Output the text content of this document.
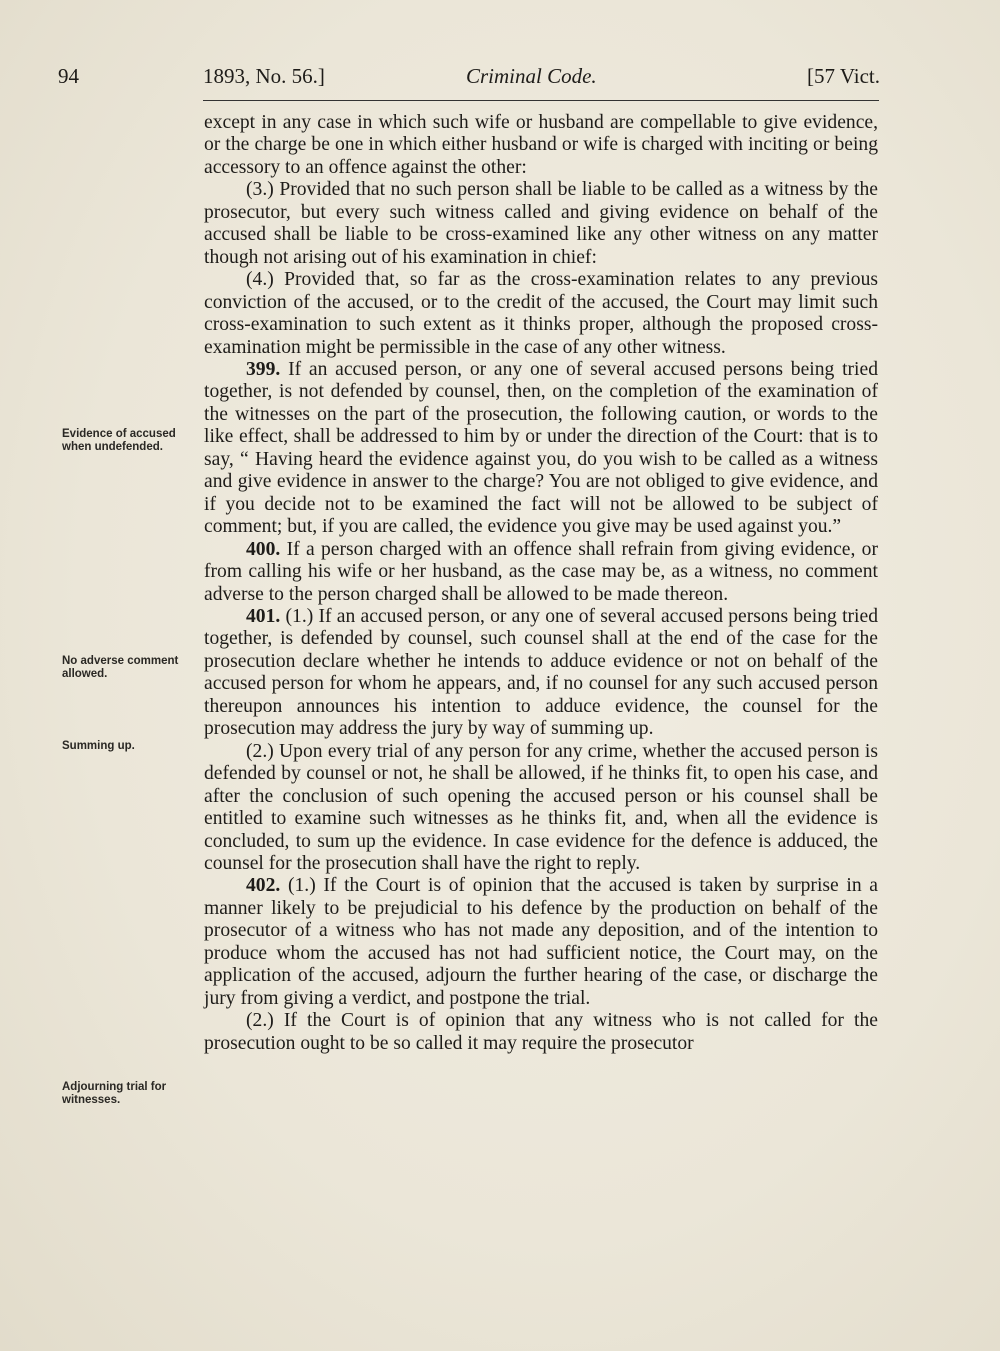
94	1893, No. 56.]	Criminal Code.	[57 Vict.
Evidence of accused when undefended.
No adverse comment allowed.
Summing up.
Adjourning trial for witnesses.

except in any case in which such wife or husband are compellable to give evidence, or the charge be one in which either husband or wife is charged with inciting or being accessory to an offence against the other:

(3.) Provided that no such person shall be liable to be called as a witness by the prosecutor, but every such witness called and giving evidence on behalf of the accused shall be liable to be cross-examined like any other witness on any matter though not arising out of his examination in chief:

(4.) Provided that, so far as the cross-examination relates to any previous conviction of the accused, or to the credit of the accused, the Court may limit such cross-examination to such extent as it thinks proper, although the proposed cross-examination might be permissible in the case of any other witness.

399. If an accused person, or any one of several accused persons being tried together, is not defended by counsel, then, on the completion of the examination of the witnesses on the part of the prosecution, the following caution, or words to the like effect, shall be addressed to him by or under the direction of the Court: that is to say, “ Having heard the evidence against you, do you wish to be called as a witness and give evidence in answer to the charge? You are not obliged to give evidence, and if you decide not to be examined the fact will not be allowed to be subject of comment; but, if you are called, the evidence you give may be used against you.”

400. If a person charged with an offence shall refrain from giving evidence, or from calling his wife or her husband, as the case may be, as a witness, no comment adverse to the person charged shall be allowed to be made thereon.

401. (1.) If an accused person, or any one of several accused persons being tried together, is defended by counsel, such counsel shall at the end of the case for the prosecution declare whether he intends to adduce evidence or not on behalf of the accused person for whom he appears, and, if no counsel for any such accused person thereupon announces his intention to adduce evidence, the counsel for the prosecution may address the jury by way of summing up.

(2.) Upon every trial of any person for any crime, whether the accused person is defended by counsel or not, he shall be allowed, if he thinks fit, to open his case, and after the conclusion of such opening the accused person or his counsel shall be entitled to examine such witnesses as he thinks fit, and, when all the evidence is concluded, to sum up the evidence. In case evidence for the defence is adduced, the counsel for the prosecution shall have the right to reply.

402. (1.) If the Court is of opinion that the accused is taken by surprise in a manner likely to be prejudicial to his defence by the production on behalf of the prosecutor of a witness who has not made any deposition, and of the intention to produce whom the accused has not had sufficient notice, the Court may, on the application of the accused, adjourn the further hearing of the case, or discharge the jury from giving a verdict, and postpone the trial.

(2.) If the Court is of opinion that any witness who is not called for the prosecution ought to be so called it may require the prosecutor
